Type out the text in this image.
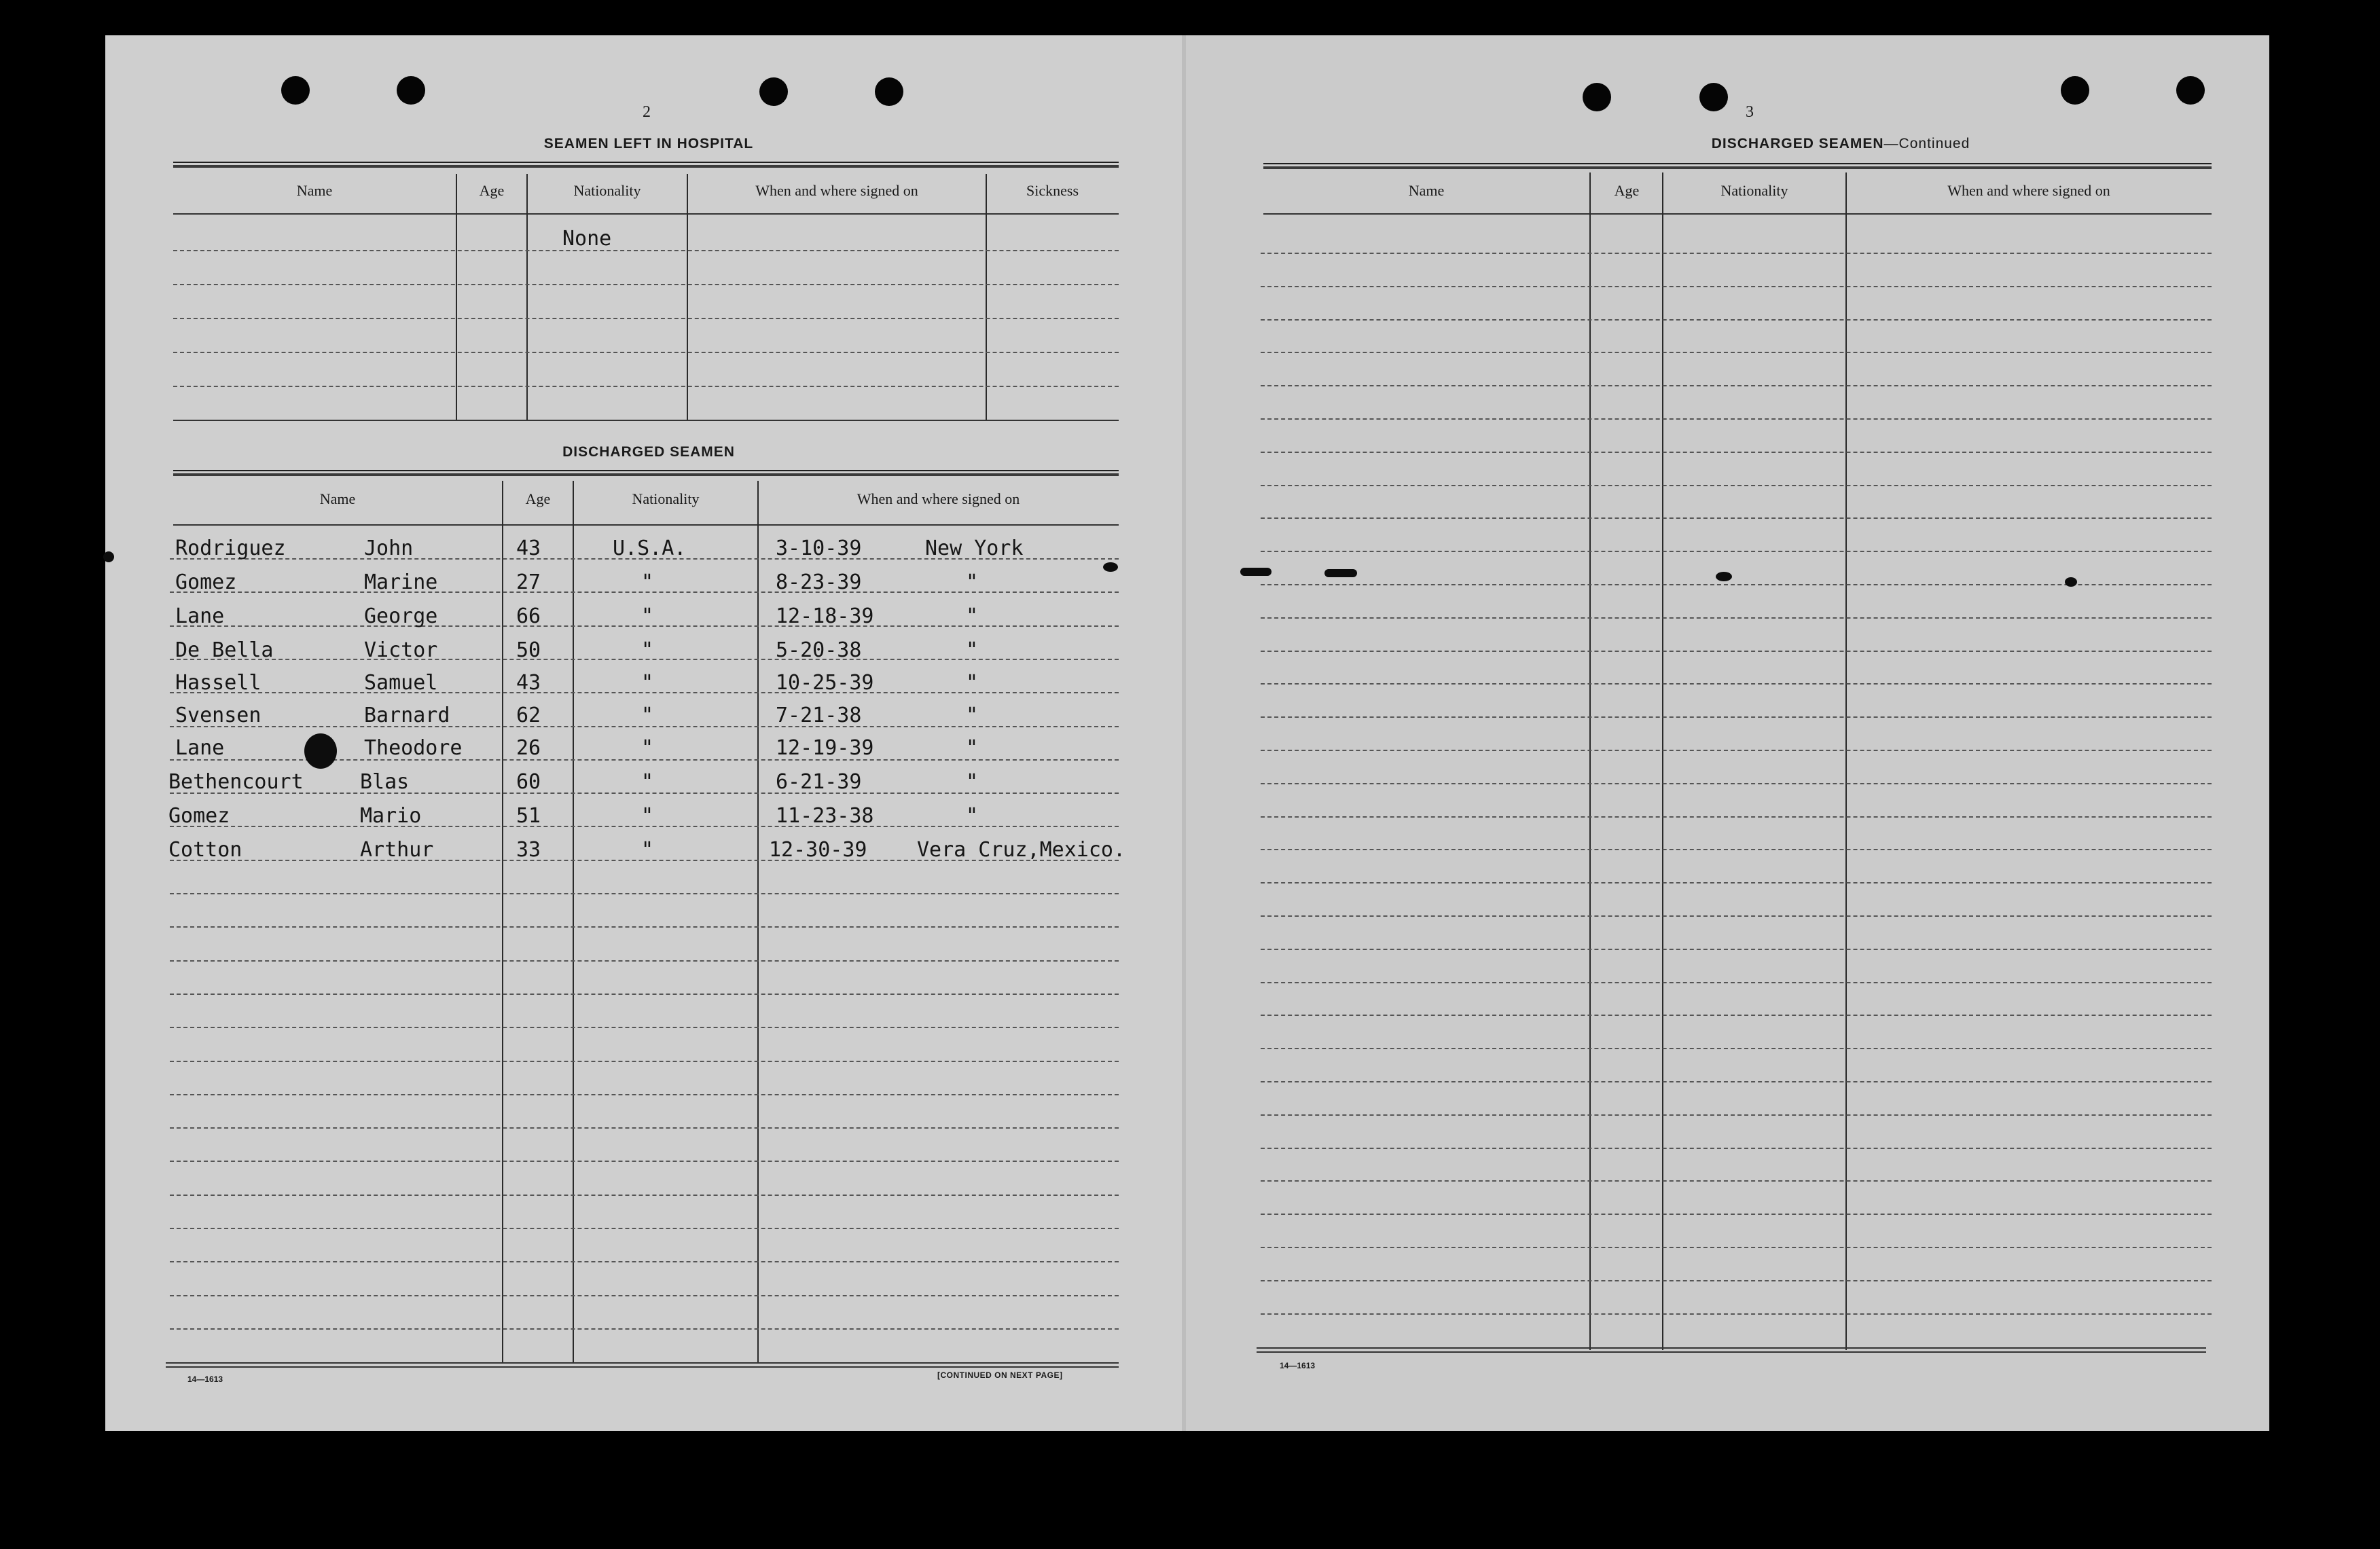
2
SEAMEN LEFT IN HOSPITAL
Name	Age	Nationality	When and where signed on	Sickness
None
DISCHARGED SEAMEN
Name	Age	Nationality	When and where signed on
Rodriguez	John	43	U.S.A.	3-10-39	New York
Gomez	Marine	27	"	8-23-39	"
Lane	George	66	"	12-18-39	"
De Bella	Victor	50	"	5-20-38	"
Hassell	Samuel	43	"	10-25-39	"
Svensen	Barnard	62	"	7-21-38	"
Lane	Theodore	26	"	12-19-39	"
Bethencourt	Blas	60	"	6-21-39	"
Gomez	Mario	51	"	11-23-38	"
Cotton	Arthur	33	"	12-30-39 Vera Cruz,Mexico.
14—1613	[CONTINUED ON NEXT PAGE]
3
DISCHARGED SEAMEN—Continued
Name	Age	Nationality	When and where signed on
14—1613
